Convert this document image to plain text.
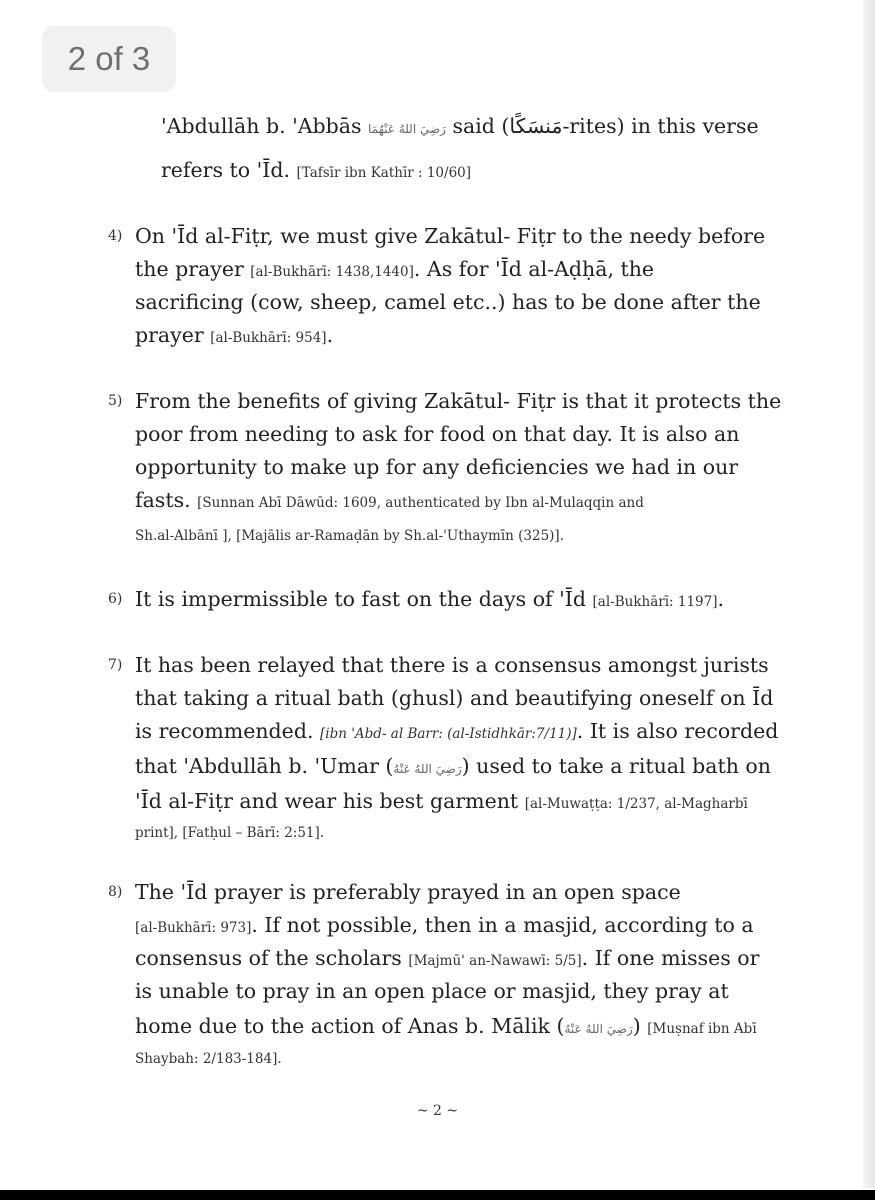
2 of 3
'Abdullāh b. 'Abbās رَضِيَ اللهُ عَنْهُمَا said (مَنسَكًا-rites) in this verse
refers to 'Īd. [Tafsīr ibn Kathīr : 10/60]
4) On 'Īd al-Fiṭr, we must give Zakātul- Fiṭr to the needy before
the prayer [al-Bukhārī: 1438,1440]. As for 'Īd al-Aḍḥā, the
sacrificing (cow, sheep, camel etc..) has to be done after the
prayer [al-Bukhārī: 954].
5) From the benefits of giving Zakātul- Fiṭr is that it protects the
poor from needing to ask for food on that day. It is also an
opportunity to make up for any deficiencies we had in our
fasts. [Sunnan Abī Dāwūd: 1609, authenticated by Ibn al-Mulaqqin and
Sh.al-Albānī ], [Majālis ar-Ramaḍān by Sh.al-'Uthaymīn (325)].
6) It is impermissible to fast on the days of 'Īd [al-Bukhārī: 1197].
7) It has been relayed that there is a consensus amongst jurists
that taking a ritual bath (ghusl) and beautifying oneself on Īd
is recommended. [ibn 'Abd- al Barr: (al-Istidhkār:7/11)]. It is also recorded
that 'Abdullāh b. 'Umar (رَضِيَ اللهُ عَنْهُ) used to take a ritual bath on
'Īd al-Fiṭr and wear his best garment [al-Muwaṭṭa: 1/237, al-Magharbī
print], [Fatḥul – Bārī: 2:51].
8) The 'Īd prayer is preferably prayed in an open space
[al-Bukhārī: 973]. If not possible, then in a masjid, according to a
consensus of the scholars [Majmū' an-Nawawī: 5/5]. If one misses or
is unable to pray in an open place or masjid, they pray at
home due to the action of Anas b. Mālik (رَضِيَ اللهُ عَنْهُ) [Muṣnaf ibn Abī
Shaybah: 2/183-184].
~ 2 ~
